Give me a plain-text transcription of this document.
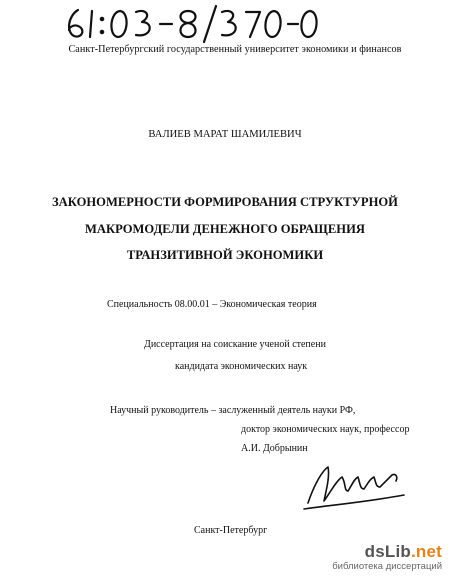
Санкт-Петербургский государственный университет экономики и финансов
ВАЛИЕВ МАРАТ ШАМИЛЕВИЧ
ЗАКОНОМЕРНОСТИ ФОРМИРОВАНИЯ СТРУКТУРНОЙ
МАКРОМОДЕЛИ ДЕНЕЖНОГО ОБРАЩЕНИЯ
ТРАНЗИТИВНОЙ ЭКОНОМИКИ
Специальность 08.00.01 – Экономическая теория
Диссертация на соискание ученой степени
кандидата экономических наук
Научный руководитель – заслуженный деятель науки РФ,
доктор экономических наук, профессор
А.И. Добрынин
Санкт-Петербург
dsLib .net
библиотека диссертаций
